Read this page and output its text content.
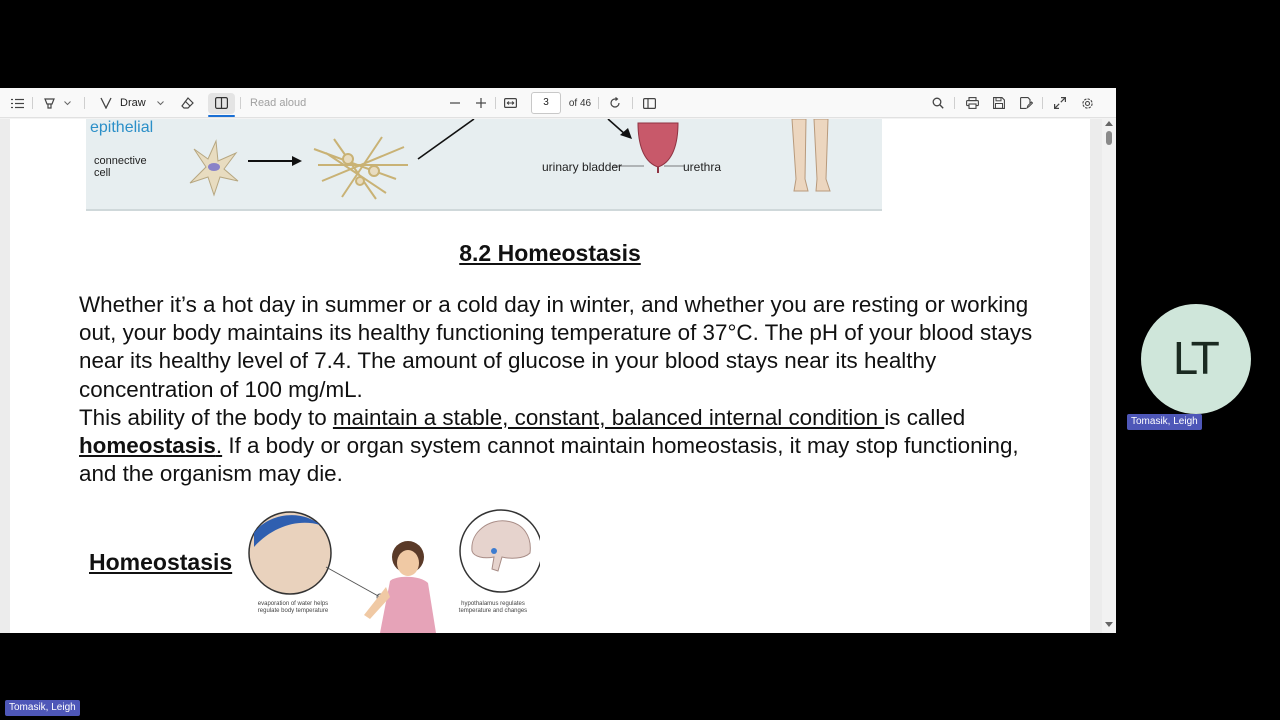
Draw	Read aloud	3	of 46
epithelial
connective cell	urinary bladder	urethra
8.2 Homeostasis
Whether it’s a hot day in summer or a cold day in winter, and whether you are resting or working out, your body maintains its healthy functioning temperature of 37°C. The pH of your blood stays near its healthy level of 7.4. The amount of glucose in your blood stays near its healthy concentration of 100 mg/mL.
This ability of the body to maintain a stable, constant, balanced internal condition is called homeostasis. If a body or organ system cannot maintain homeostasis, it may stop functioning, and the organism may die.
Homeostasis
evaporation of water helps regulate body temperature
hypothalamus regulates temperature and changes
LT
Tomasik, Leigh
Tomasik, Leigh
